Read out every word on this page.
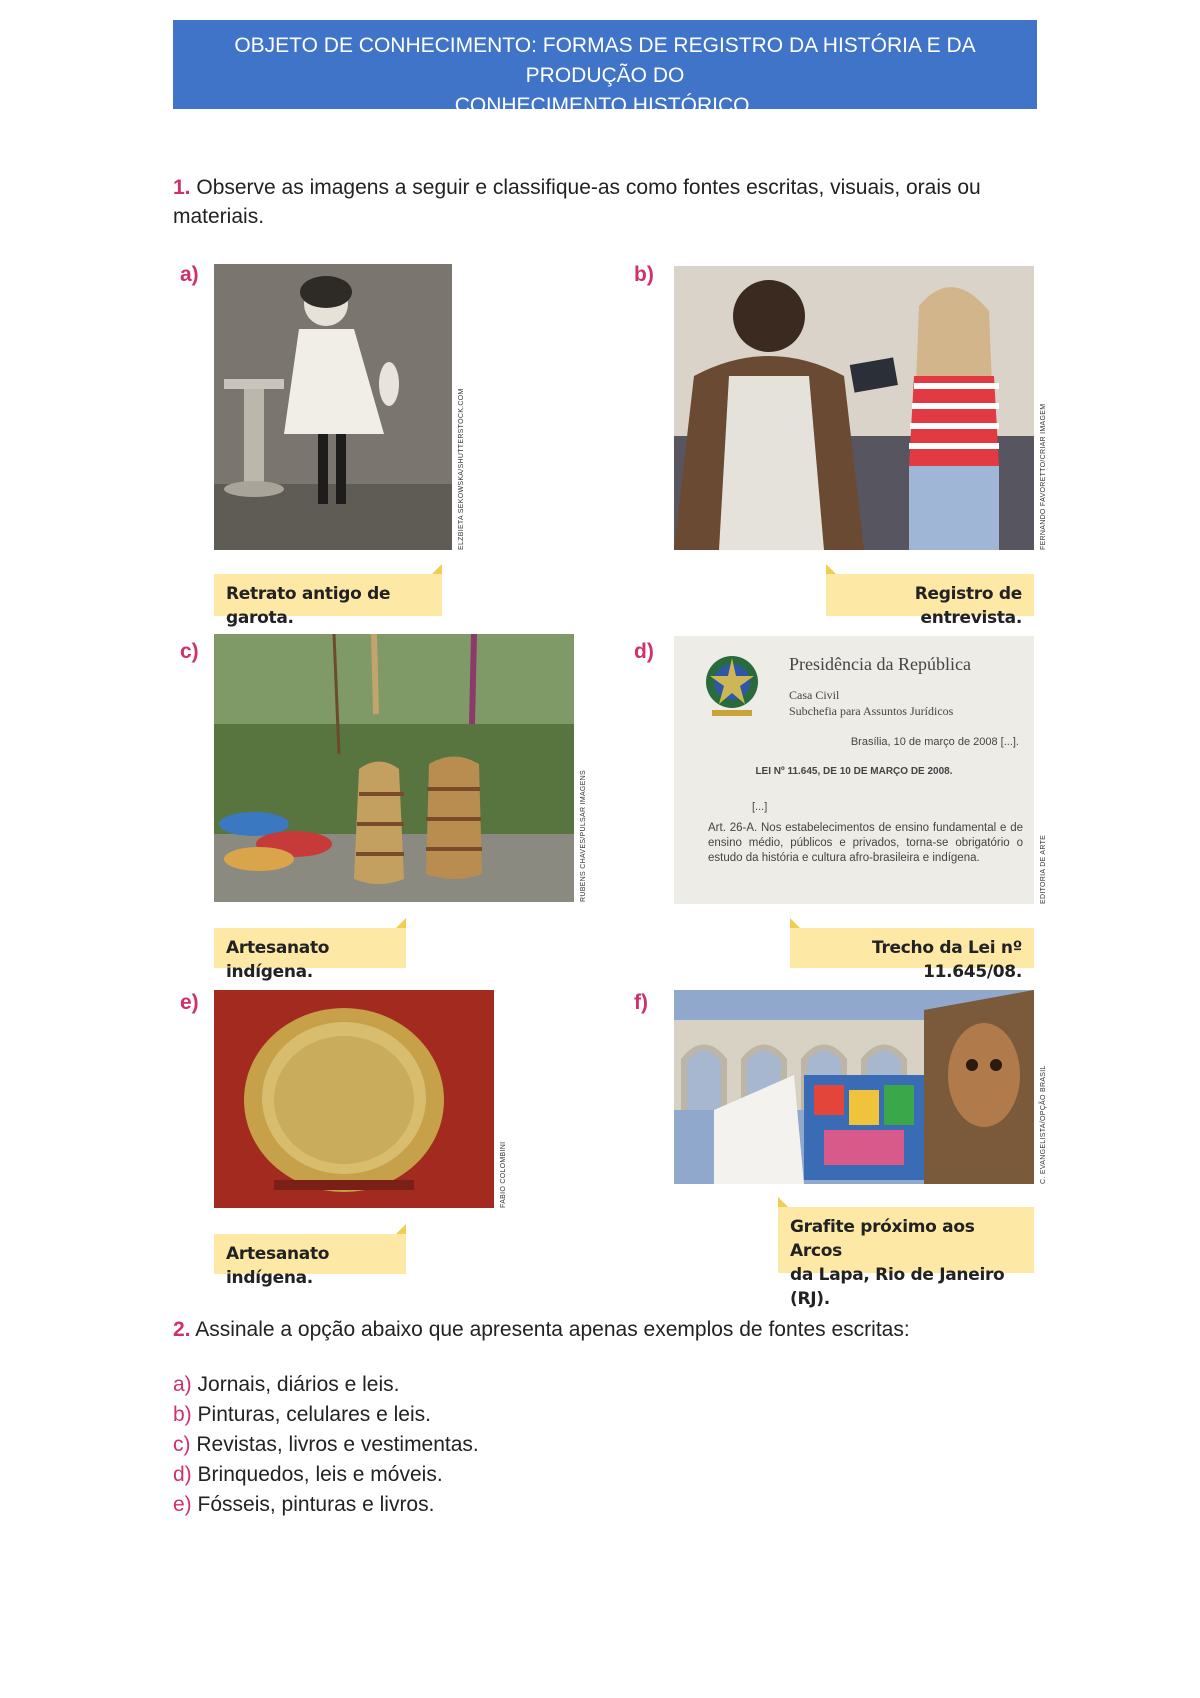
OBJETO DE CONHECIMENTO: FORMAS DE REGISTRO DA HISTÓRIA E DA PRODUÇÃO DO
CONHECIMENTO HISTÓRICO.
1. Observe as imagens a seguir e classifique-as como fontes escritas, visuais, orais ou materiais.
a)
ELZBIETA SEKOWSKA/SHUTTERSTOCK.COM
Retrato antigo de garota.
b)
FERNANDO FAVORETTO/CRIAR IMAGEM
Registro de entrevista.
c)
RUBENS CHAVES/PULSAR IMAGENS
Artesanato indígena.
d)
Presidência da República
Casa Civil
Subchefia para Assuntos Jurídicos
Brasília, 10 de março de 2008 [...].
LEI Nº 11.645, DE 10 DE MARÇO DE 2008.
[...]
Art. 26-A. Nos estabelecimentos de ensino fundamental e de ensino médio, públicos e privados, torna-se obrigatório o estudo da história e cultura afro-brasileira e indígena.	EDITORIA DE ARTE
Trecho da Lei nº 11.645/08.
e)
FABIO COLOMBINI
Artesanato indígena.
f)
C. EVANGELISTA/OPÇÃO BRASIL
Grafite próximo aos Arcos
da Lapa, Rio de Janeiro (RJ).
2. Assinale a opção abaixo que apresenta apenas exemplos de fontes escritas:
a) Jornais, diários e leis.
b) Pinturas, celulares e leis.
c) Revistas, livros e vestimentas.
d) Brinquedos, leis e móveis.
e) Fósseis, pinturas e livros.
